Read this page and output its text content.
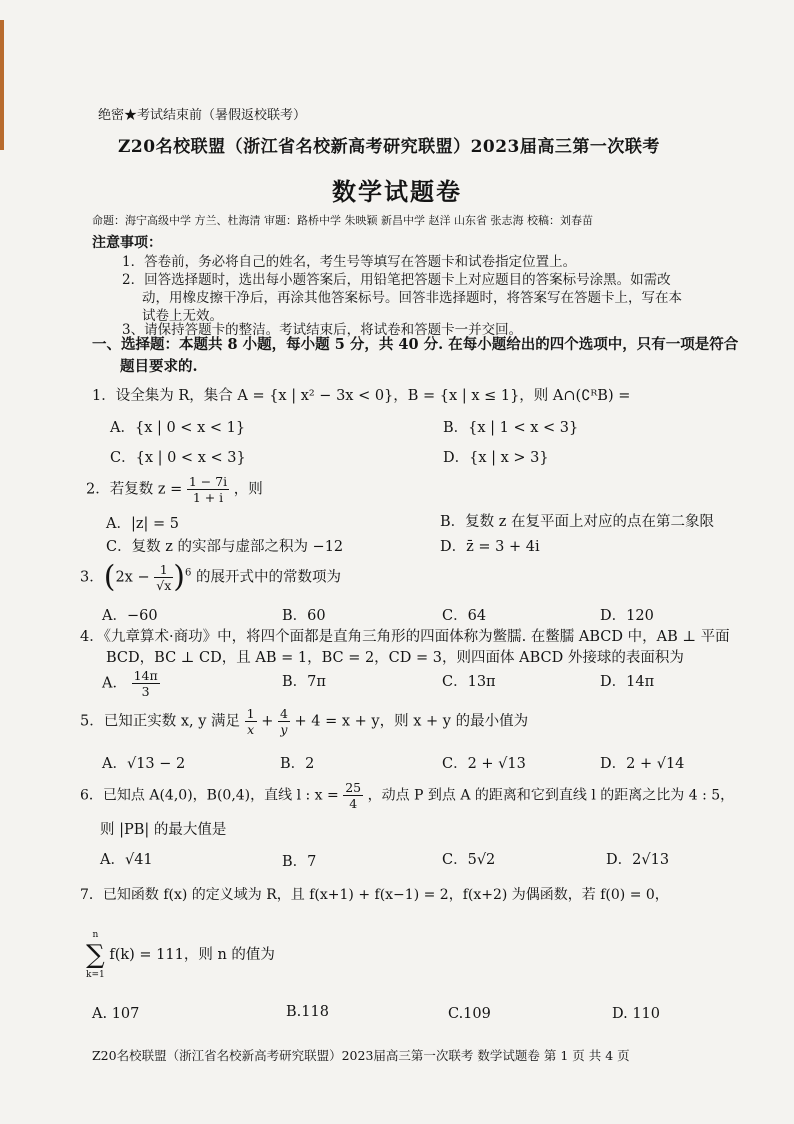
绝密★考试结束前（暑假返校联考）
Z20名校联盟（浙江省名校新高考研究联盟）2023届高三第一次联考
数学试题卷
命题：海宁高级中学 方兰、杜海清 审题：路桥中学 朱映颖 新昌中学 赵洋 山东省 张志海 校稿：刘春苗
注意事项：
1．答卷前，务必将自己的姓名，考生号等填写在答题卡和试卷指定位置上。
2．回答选择题时，选出每小题答案后，用铅笔把答题卡上对应题目的答案标号涂黑。如需改
动，用橡皮擦干净后，再涂其他答案标号。回答非选择题时，将答案写在答题卡上，写在本
试卷上无效。
3、请保持答题卡的整洁。考试结束后，将试卷和答题卡一并交回。
一、选择题：本题共 8 小题，每小题 5 分，共 40 分. 在每小题给出的四个选项中，只有一项是符合
题目要求的.
1．设全集为 R，集合 A = {x | x² − 3x < 0}，B = {x | x ≤ 1}，则 A∩(∁ᴿB) =
A．{x | 0 < x < 1}	B．{x | 1 < x < 3}
C．{x | 0 < x < 3}	D．{x | x > 3}
2．若复数 $z = \frac{1 - 7i}{1 + i}$ ，则
A．|z| = 5	B．复数 z 在复平面上对应的点在第二象限
C．复数 z 的实部与虚部之积为 −12	D．z̄ = 3 + 4i
3．$(2x - \frac{1}{√x} )^6$ 的展开式中的常数项为
A．−60	B．60	C．64	D．120
4．《九章算术·商功》中，将四个面都是直角三角形的四面体称为鳖臑. 在鳖臑 ABCD 中，AB ⊥ 平面
BCD，BC ⊥ CD，且 AB = 1，BC = 2，CD = 3，则四面体 ABCD 外接球的表面积为
A． $\frac{14\pi}{3}$	B．7π	C．13π	D．14π
5．已知正实数 x, y 满足 $\frac{1}{x} + \frac{4}{y} + 4 = x + y$，则 x + y 的最小值为
A．√13 − 2	B．2	C．2 + √13	D．2 + √14
6．已知点 A(4,0)，B(0,4)，直线 l : $x = \frac{25}{4}$ ，动点 P 到点 A 的距离和它到直线 l 的距离之比为 4 : 5，
则 |PB| 的最大值是
A．√41	B．7	C．5√2	D．2√13
7．已知函数 f(x) 的定义域为 R，且 f(x+1) + f(x−1) = 2，f(x+2) 为偶函数，若 f(0) = 0，
n
∑
k=1
f(k) = 111，则 n 的值为
A. 107	B.118	C.109	D. 110
Z20名校联盟（浙江省名校新高考研究联盟）2023届高三第一次联考 数学试题卷 第 1 页 共 4 页
